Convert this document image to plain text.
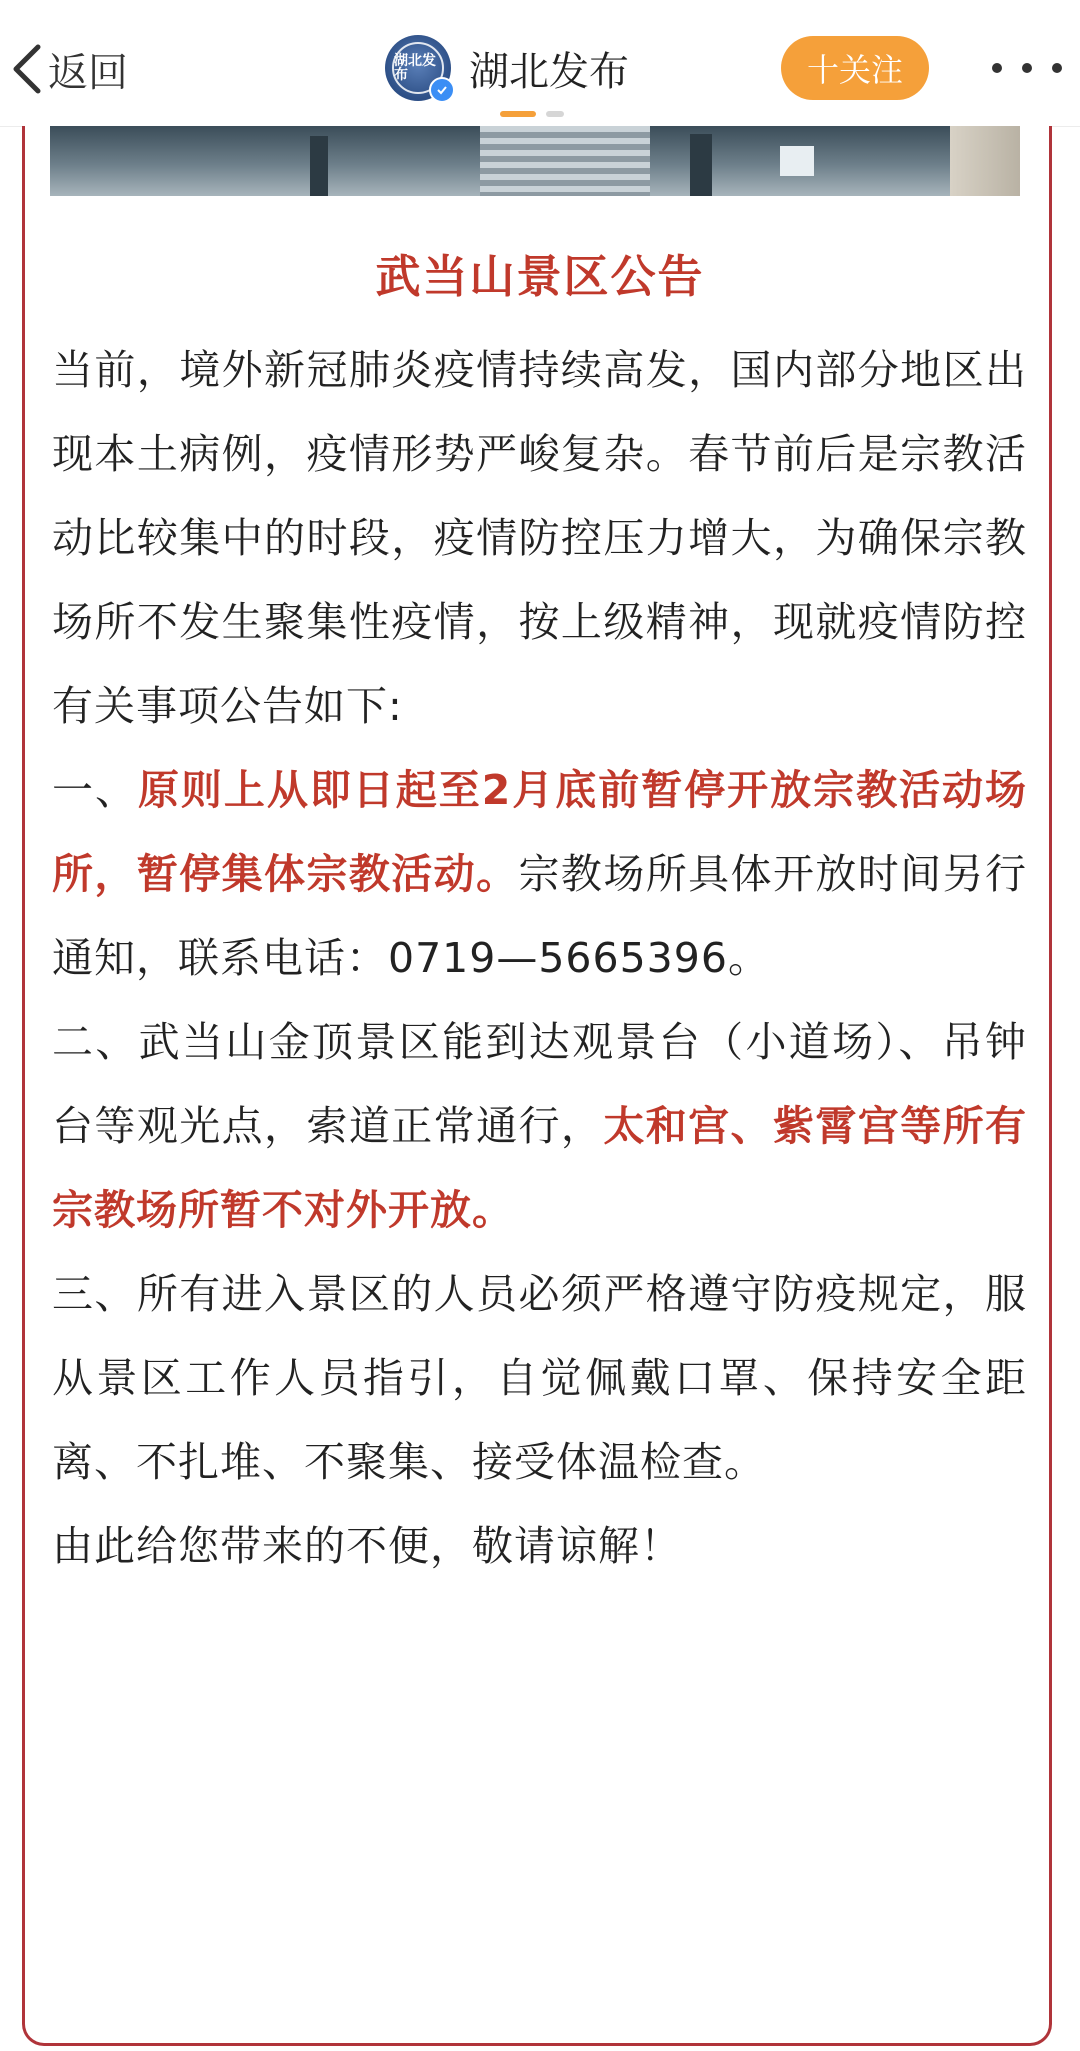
返回	湖北发布	湖北发布	十关注
武当山景区公告

当前，境外新冠肺炎疫情持续高发，国内部分地区出现本土病例，疫情形势严峻复杂。春节前后是宗教活动比较集中的时段，疫情防控压力增大，为确保宗教场所不发生聚集性疫情，按上级精神，现就疫情防控有关事项公告如下:

一、原则上从即日起至2月底前暂停开放宗教活动场所，暂停集体宗教活动。宗教场所具体开放时间另行通知，联系电话：0719—5665396。

二、武当山金顶景区能到达观景台（小道场）、吊钟台等观光点，索道正常通行，太和宫、紫霄宫等所有宗教场所暂不对外开放。

三、所有进入景区的人员必须严格遵守防疫规定，服从景区工作人员指引，自觉佩戴口罩、保持安全距离、不扎堆、不聚集、接受体温检查。

由此给您带来的不便，敬请谅解！
